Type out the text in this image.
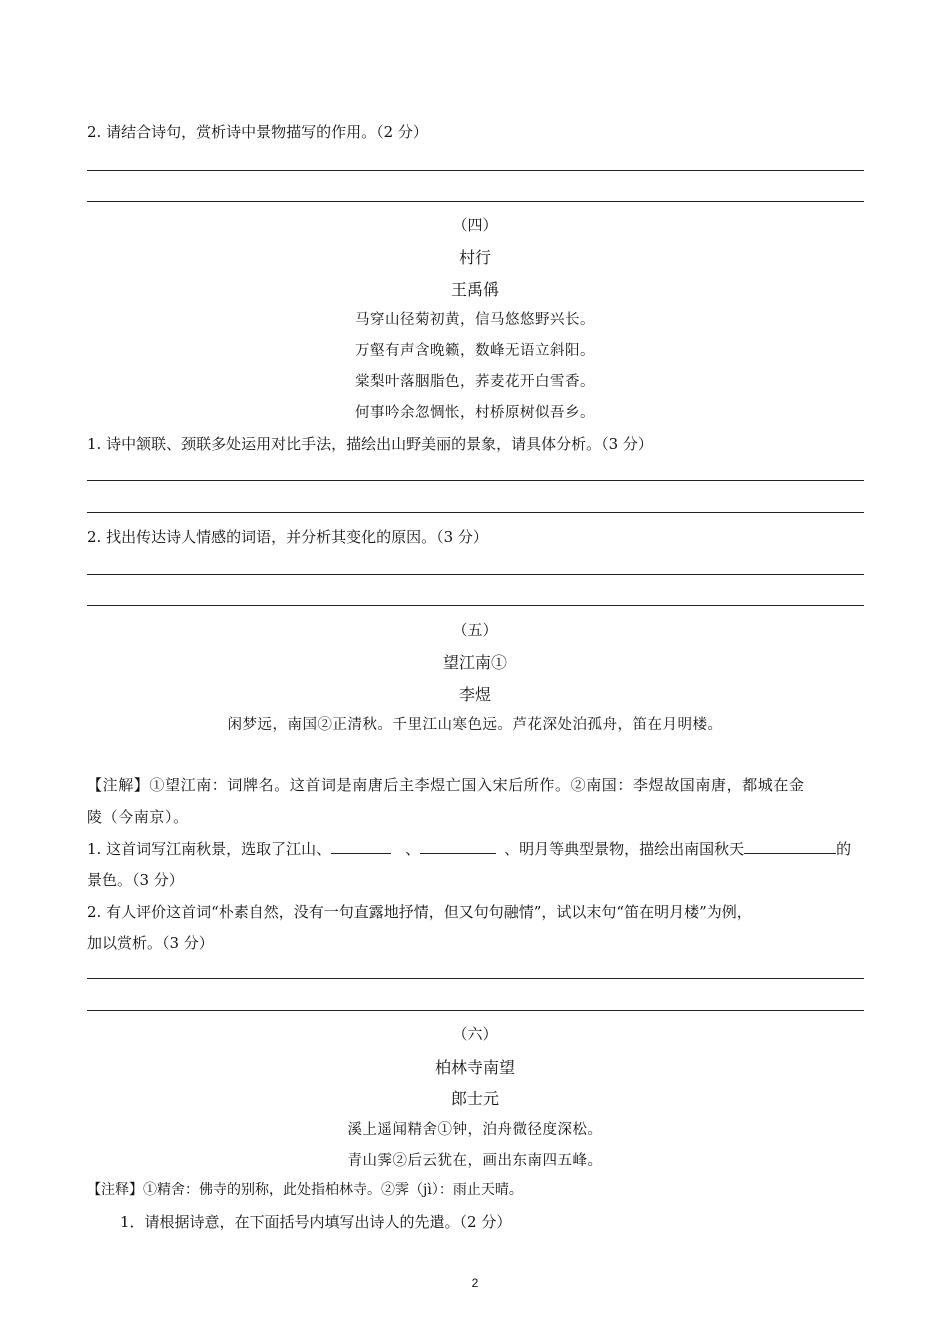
2. 请结合诗句，赏析诗中景物描写的作用。（2 分）
（四）
村行
王禹偁
马穿山径菊初黄，信马悠悠野兴长。
万壑有声含晚籁，数峰无语立斜阳。
棠梨叶落胭脂色，荞麦花开白雪香。
何事吟余忽惆怅，村桥原树似吾乡。
1. 诗中颔联、颈联多处运用对比手法，描绘出山野美丽的景象，请具体分析。（3 分）
2. 找出传达诗人情感的词语，并分析其变化的原因。（3 分）
（五）
望江南①
李煜
闲梦远，南国②正清秋。千里江山寒色远。芦花深处泊孤舟，笛在月明楼。
【注解】①望江南：词牌名。这首词是南唐后主李煜亡国入宋后所作。②南国：李煜故国南唐，都城在金
陵（今南京）。
1. 这首词写江南秋景，选取了江山、	、	、明月等典型景物，描绘出南国秋天	的
景色。（3 分）
2. 有人评价这首词“朴素自然，没有一句直露地抒情，但又句句融情”，试以末句“笛在明月楼”为例，
加以赏析。（3 分）
（六）
柏林寺南望
郎士元
溪上遥闻精舍①钟，泊舟微径度深松。
青山霁②后云犹在，画出东南四五峰。
【注释】①精舍：佛寺的别称，此处指柏林寺。②霁（jì）：雨止天晴。
1．请根据诗意，在下面括号内填写出诗人的先遣。（2 分）
2
